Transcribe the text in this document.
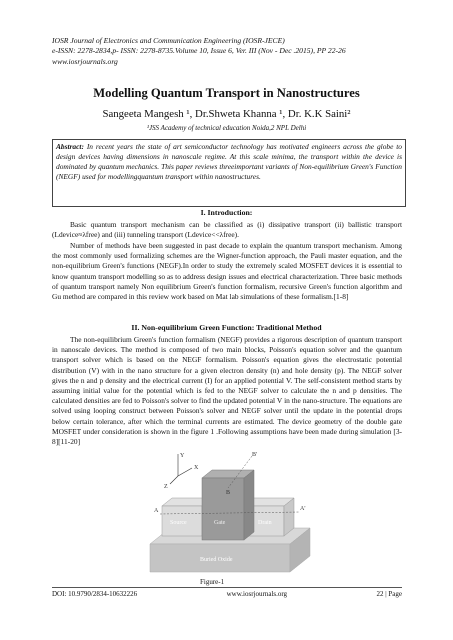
IOSR Journal of Electronics and Communication Engineering (IOSR-JECE)
e-ISSN: 2278-2834,p- ISSN: 2278-8735.Volume 10, Issue 6, Ver. III (Nov - Dec .2015), PP 22-26
www.iosrjournals.org
Modelling Quantum Transport in Nanostructures
Sangeeta Mangesh ¹, Dr.Shweta Khanna ¹, Dr. K.K Saini²
¹JSS Academy of technical education Noida,2 NPL Delhi
Abstract: In recent years the state of art semiconductor technology has motivated engineers across the globe to design devices having dimensions in nanoscale regime. At this scale minima, the transport within the device is dominated by quantum mechanics. This paper reviews threeimportant variants of Non-equilibrium Green's Function (NEGF) used for modellingquantum transport within nanostructures.
I. Introduction:

Basic quantum transport mechanism can be classified as (i) dissipative transport (ii) ballistic transport (Ldevice≈λfree) and (iii) tunneling transport (Ldevice<<λfree).

Number of methods have been suggested in past decade to explain the quantum transport mechanism. Among the most commonly used formalizing schemes are the Wigner-function approach, the Pauli master equation, and the non-equilibrium Green's functions (NEGF).In order to study the extremely scaled MOSFET devices it is essential to know quantum transport modelling so as to address design issues and electrical characterization. Three basic methods of quantum transport namely Non equilibrium Green's function formalism, recursive Green's function algorithm and Gu method are compared in this review work based on Mat lab simulations of these formalism.[1-8]

II. Non-equilibrium Green Function: Traditional Method

The non-equilibrium Green's function formalism (NEGF) provides a rigorous description of quantum transport in nanoscale devices. The method is composed of two main blocks, Poisson's equation solver and the quantum transport solver which is based on the NEGF formalism. Poisson's equation gives the electrostatic potential distribution (V) with in the nano structure for a given electron density (n) and hole density (p). The NEGF solver gives the n and p density and the electrical current (I) for an applied potential V. The self-consistent method starts by assuming initial value for the potential which is fed to the NEGF solver to calculate the n and p densities. The calculated densities are fed to Poisson's solver to find the updated potential V in the nano-structure. The equations are solved using looping construct between Poisson's solver and NEGF solver until the update in the potential drops below certain tolerance, after which the terminal currents are estimated. The device geometry of the double gate MOSFET under consideration is shown in the figure 1 .Following assumptions have been made during simulation [3-8][11-20]

Y
X
Z
B'
B
A	A'
Source	Gate	Drain
Buried Oxide
Figure-1
DOI: 10.9790/2834-10632226	www.iosrjournals.org	22 | Page
